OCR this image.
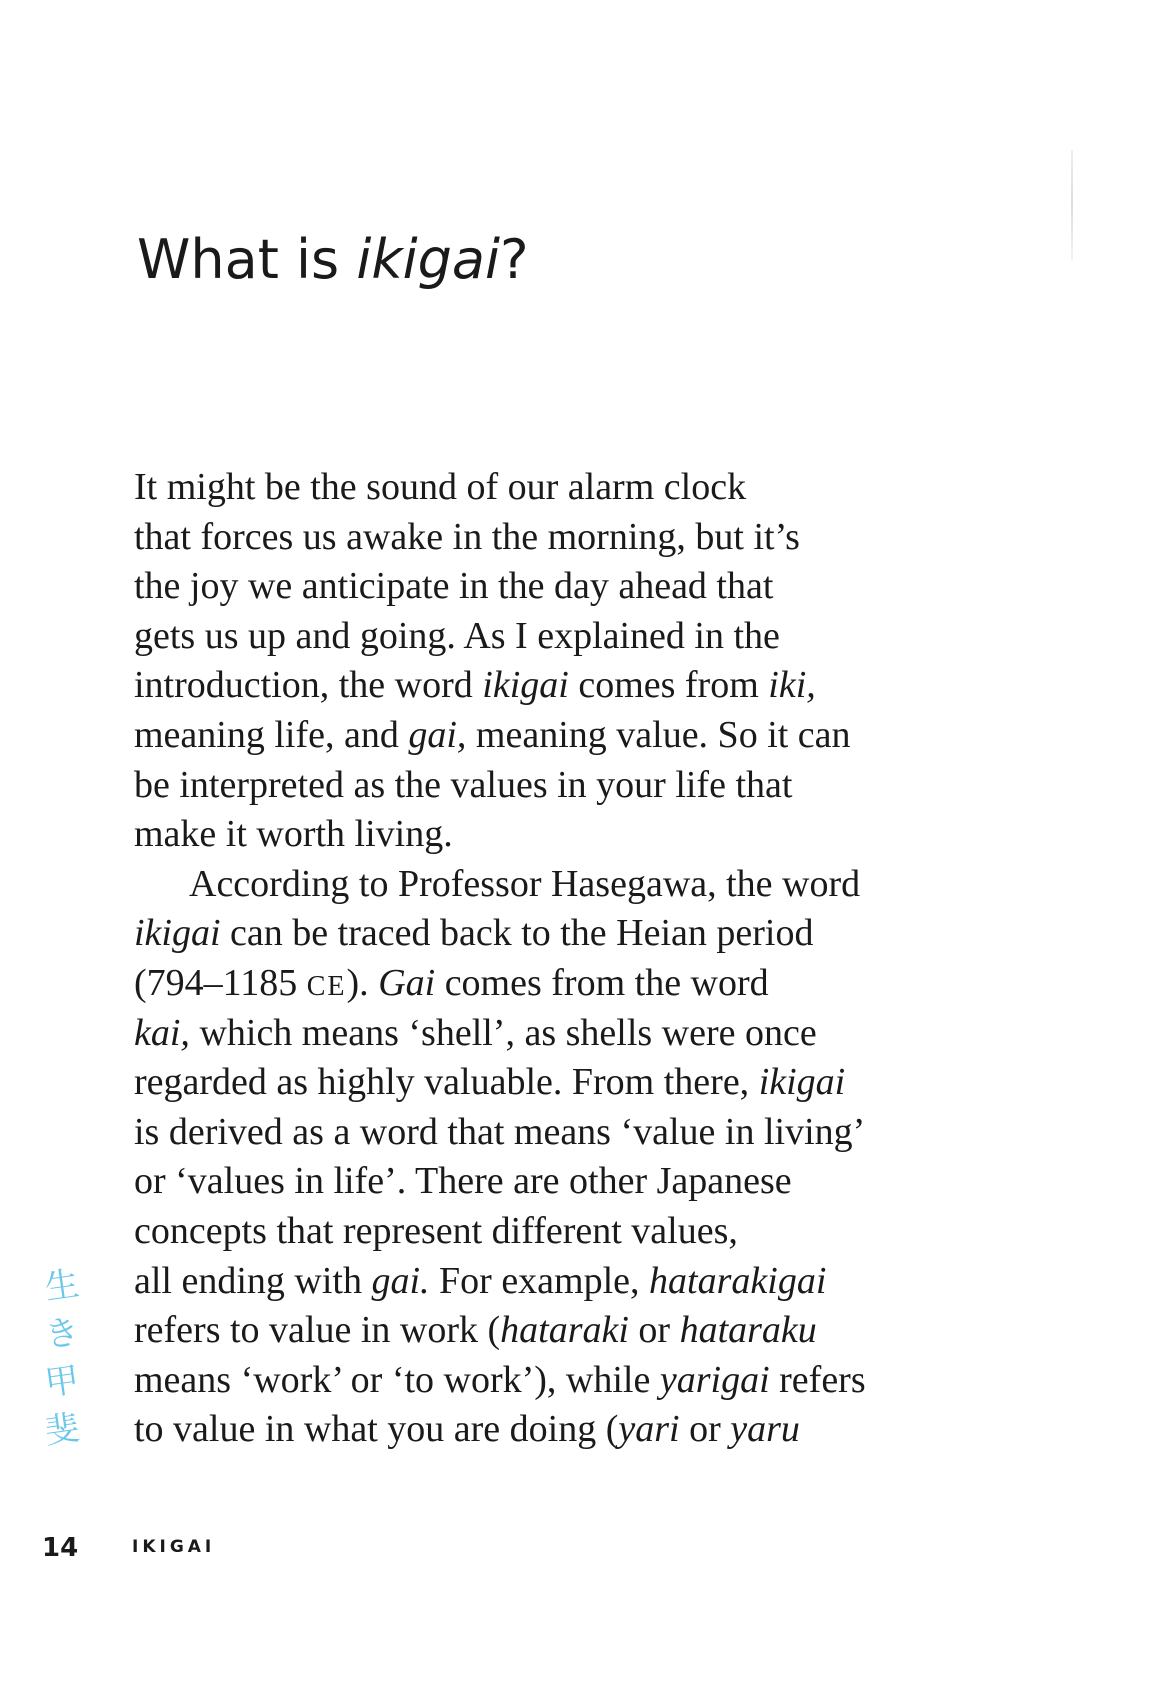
What is ikigai?
It might be the sound of our alarm clock
that forces us awake in the morning, but it’s
the joy we anticipate in the day ahead that
gets us up and going. As I explained in the
introduction, the word ikigai comes from iki,
meaning life, and gai, meaning value. So it can
be interpreted as the values in your life that
make it worth living.
According to Professor Hasegawa, the word
ikigai can be traced back to the Heian period
(794–1185 CE). Gai comes from the word
kai, which means ‘shell’, as shells were once
regarded as highly valuable. From there, ikigai
is derived as a word that means ‘value in living’
or ‘values in life’. There are other Japanese
concepts that represent different values,
all ending with gai. For example, hatarakigai
refers to value in work (hataraki or hataraku
means ‘work’ or ‘to work’), while yarigai refers
to value in what you are doing (yari or yaru
生
き
甲
斐
14	IKIGAI
